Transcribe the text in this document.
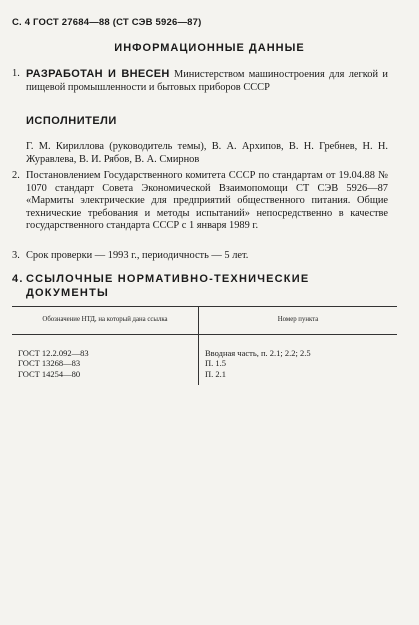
С. 4 ГОСТ 27684—88 (СТ СЭВ 5926—87)
ИНФОРМАЦИОННЫЕ ДАННЫЕ
1. РАЗРАБОТАН И ВНЕСЕН Министерством машиностроения для легкой и пищевой промышленности и бытовых приборов СССР
ИСПОЛНИТЕЛИ
Г. М. Кириллова (руководитель темы), В. А. Архипов, В. Н. Гребнев, Н. Н. Журавлева, В. И. Рябов, В. А. Смирнов
2. Постановлением Государственного комитета СССР по стандартам от 19.04.88 № 1070 стандарт Совета Экономической Взаимопомощи СТ СЭВ 5926—87 «Мармиты электрические для предприятий общественного питания. Общие технические требования и методы испытаний» непосредственно в качестве государственного стандарта СССР с 1 января 1989 г.
3. Срок проверки — 1993 г., периодичность — 5 лет.
4. ССЫЛОЧНЫЕ НОРМАТИВНО-ТЕХНИЧЕСКИЕ ДОКУМЕНТЫ
Обозначение НТД, на который дана ссылка	Номер пункта
ГОСТ 12.2.092—83	Вводная часть, п. 2.1; 2.2; 2.5
ГОСТ 13268—83	П. 1.5
ГОСТ 14254—80	П. 2.1
